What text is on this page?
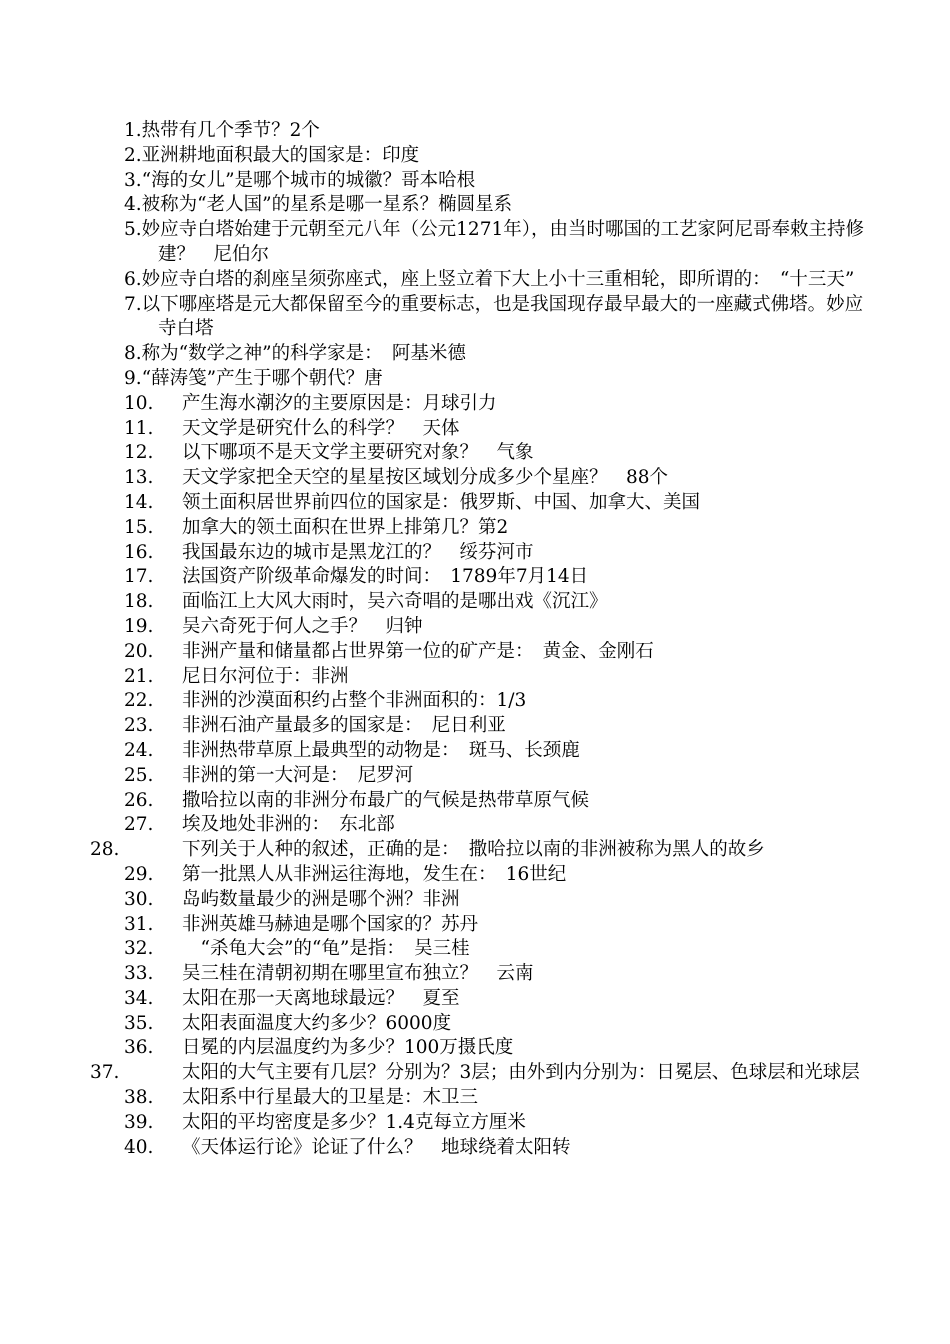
1.热带有几个季节？2个
2.亚洲耕地面积最大的国家是：印度
3.“海的女儿”是哪个城市的城徽？哥本哈根
4.被称为“老人国”的星系是哪一星系？椭圆星系
5.妙应寺白塔始建于元朝至元八年（公元1271年），由当时哪国的工艺家阿尼哥奉敕主持修建？　尼伯尔
6.妙应寺白塔的刹座呈须弥座式，座上竖立着下大上小十三重相轮，即所谓的：　“十三天”
7.以下哪座塔是元大都保留至今的重要标志，也是我国现存最早最大的一座藏式佛塔。妙应寺白塔
8.称为“数学之神”的科学家是：　阿基米德
9.“薛涛笺”产生于哪个朝代？唐
10. 产生海水潮汐的主要原因是：月球引力
11. 天文学是研究什么的科学？　天体
12. 以下哪项不是天文学主要研究对象？　气象
13. 天文学家把全天空的星星按区域划分成多少个星座？　88个
14. 领土面积居世界前四位的国家是：俄罗斯、中国、加拿大、美国
15. 加拿大的领土面积在世界上排第几？第2
16. 我国最东边的城市是黑龙江的？　绥芬河市
17. 法国资产阶级革命爆发的时间：　1789年7月14日
18. 面临江上大风大雨时，吴六奇唱的是哪出戏《沉江》
19. 吴六奇死于何人之手？　归钟
20. 非洲产量和储量都占世界第一位的矿产是：　黄金、金刚石
21. 尼日尔河位于：非洲
22. 非洲的沙漠面积约占整个非洲面积的：1/3
23. 非洲石油产量最多的国家是：　尼日利亚
24. 非洲热带草原上最典型的动物是：　斑马、长颈鹿
25. 非洲的第一大河是：　尼罗河
26. 撒哈拉以南的非洲分布最广的气候是热带草原气候
27. 埃及地处非洲的：　东北部
28.	下列关于人种的叙述，正确的是：　撒哈拉以南的非洲被称为黑人的故乡
29. 第一批黑人从非洲运往海地，发生在：　16世纪
30. 岛屿数量最少的洲是哪个洲？非洲
31. 非洲英雄马赫迪是哪个国家的？苏丹
32.　“杀龟大会”的“龟”是指：　吴三桂
33. 吴三桂在清朝初期在哪里宣布独立？　云南
34. 太阳在那一天离地球最远？　夏至
35. 太阳表面温度大约多少？6000度
36. 日冕的内层温度约为多少？100万摄氏度
37.	太阳的大气主要有几层？分别为？3层；由外到内分别为：日冕层、色球层和光球层
38. 太阳系中行星最大的卫星是：木卫三
39. 太阳的平均密度是多少？1.4克每立方厘米
40. 《天体运行论》论证了什么？　地球绕着太阳转
